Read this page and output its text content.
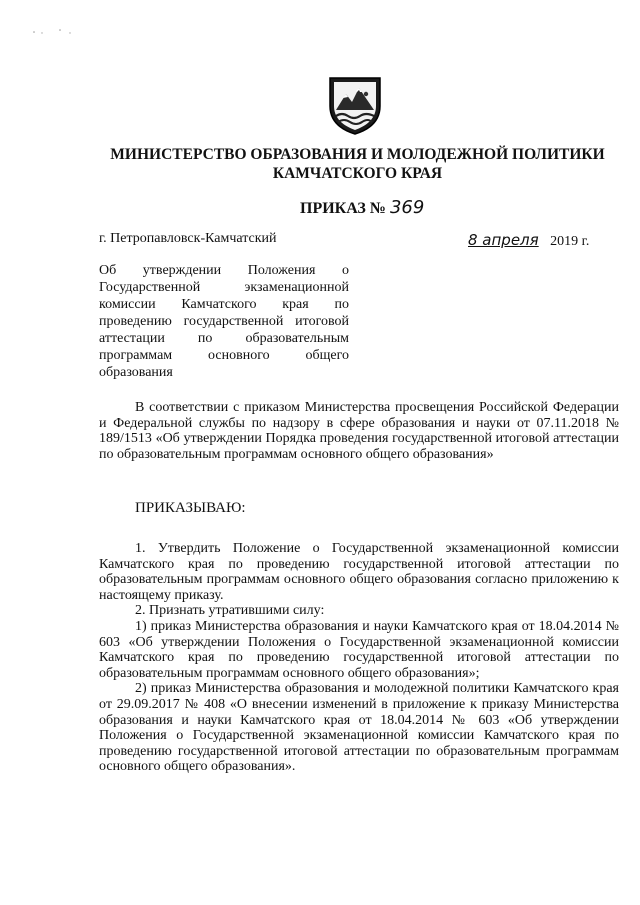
МИНИСТЕРСТВО ОБРАЗОВАНИЯ И МОЛОДЕЖНОЙ ПОЛИТИКИ
КАМЧАТСКОГО КРАЯ
ПРИКАЗ № 369
г. Петропавловск-Камчатский	8 апреля 2019 г.
Об утверждении Положения о Государственной экзаменационной комиссии Камчатского края по проведению государственной итоговой аттестации по образовательным программам основного общего образования

В соответствии с приказом Министерства просвещения Российской Федерации и Федеральной службы по надзору в сфере образования и науки от 07.11.2018 № 189/1513 «Об утверждении Порядка проведения государственной итоговой аттестации по образовательным программам основного общего образования»

ПРИКАЗЫВАЮ:

1. Утвердить Положение о Государственной экзаменационной комиссии Камчатского края по проведению государственной итоговой аттестации по образовательным программам основного общего образования согласно приложению к настоящему приказу.

2. Признать утратившими силу:

1) приказ Министерства образования и науки Камчатского края от 18.04.2014 № 603 «Об утверждении Положения о Государственной экзаменационной комиссии Камчатского края по проведению государственной итоговой аттестации по образовательным программам основного общего образования»;

2) приказ Министерства образования и молодежной политики Камчатского края от 29.09.2017 № 408 «О внесении изменений в приложение к приказу Министерства образования и науки Камчатского края от 18.04.2014 № 603 «Об утверждении Положения о Государственной экзаменационной комиссии Камчатского края по проведению государственной итоговой аттестации по образовательным программам основного общего образования».
